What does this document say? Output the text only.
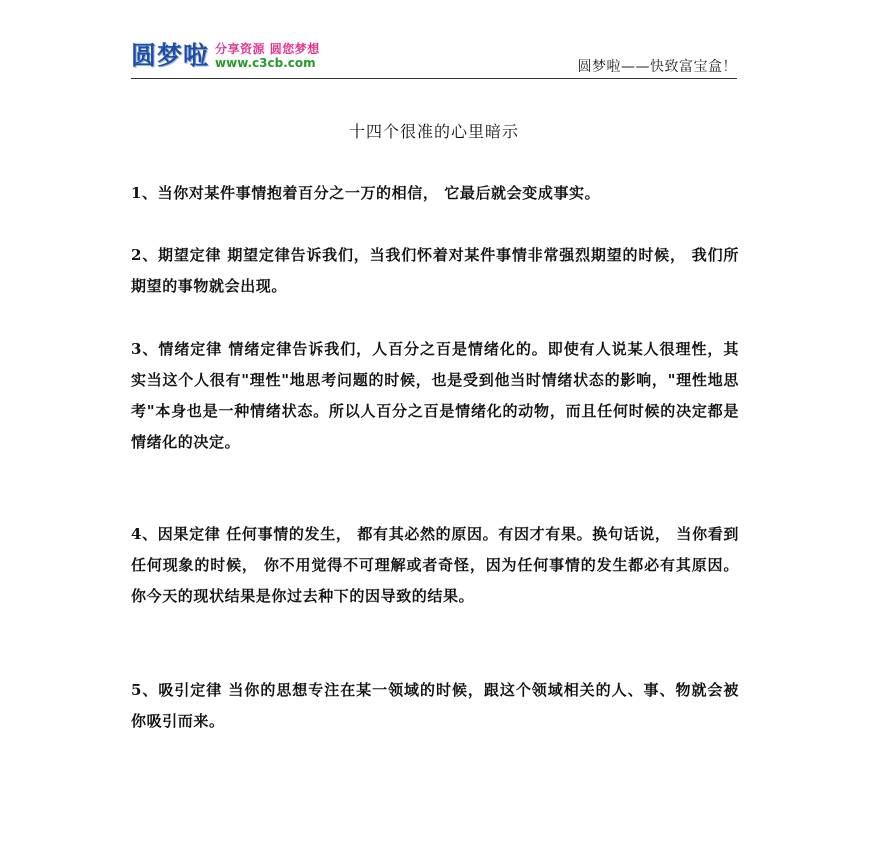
圆梦啦 分享资源 圆您梦想
www.c3cb.com	圆梦啦——快致富宝盒！
十四个很准的心里暗示
1、当你对某件事情抱着百分之一万的相信， 它最后就会变成事实。
2、期望定律 期望定律告诉我们，当我们怀着对某件事情非常强烈期望的时候， 我们所期望的事物就会出现。
3、情绪定律 情绪定律告诉我们，人百分之百是情绪化的。即使有人说某人很理性，其实当这个人很有"理性"地思考问题的时候，也是受到他当时情绪状态的影响，"理性地思考"本身也是一种情绪状态。所以人百分之百是情绪化的动物，而且任何时候的决定都是情绪化的决定。
4、因果定律 任何事情的发生， 都有其必然的原因。有因才有果。换句话说， 当你看到任何现象的时候， 你不用觉得不可理解或者奇怪，因为任何事情的发生都必有其原因。你今天的现状结果是你过去种下的因导致的结果。
5、吸引定律 当你的思想专注在某一领域的时候，跟这个领域相关的人、事、物就会被你吸引而来。
